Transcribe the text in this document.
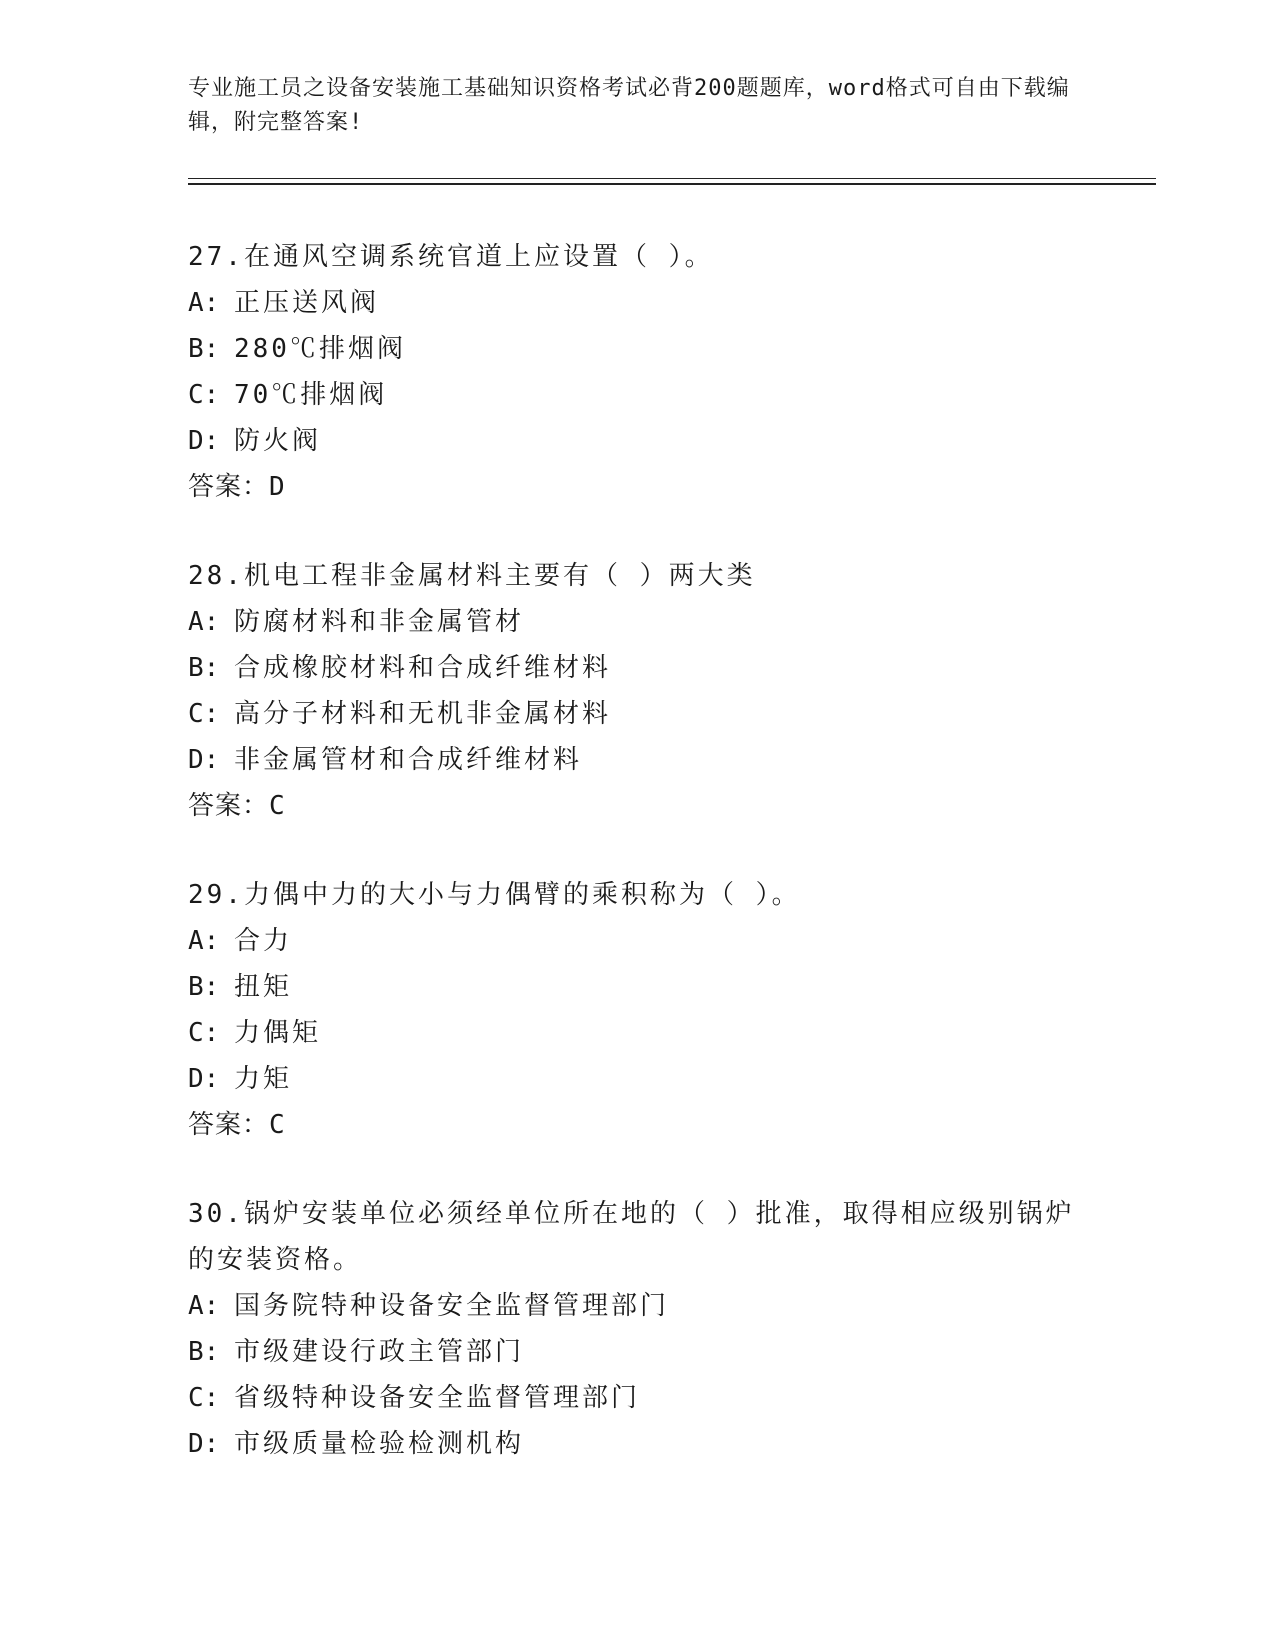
专业施工员之设备安装施工基础知识资格考试必背200题题库，word格式可自由下载编辑，附完整答案!
27.在通风空调系统官道上应设置（ ）。
A: 正压送风阀
B: 280℃排烟阀
C: 70℃排烟阀
D: 防火阀
答案：D
28.机电工程非金属材料主要有（ ）两大类
A: 防腐材料和非金属管材
B: 合成橡胶材料和合成纤维材料
C: 高分子材料和无机非金属材料
D: 非金属管材和合成纤维材料
答案：C
29.力偶中力的大小与力偶臂的乘积称为（ ）。
A: 合力
B: 扭矩
C: 力偶矩
D: 力矩
答案：C
30.锅炉安装单位必须经单位所在地的（ ）批准，取得相应级别锅炉的安装资格。
A: 国务院特种设备安全监督管理部门
B: 市级建设行政主管部门
C: 省级特种设备安全监督管理部门
D: 市级质量检验检测机构
